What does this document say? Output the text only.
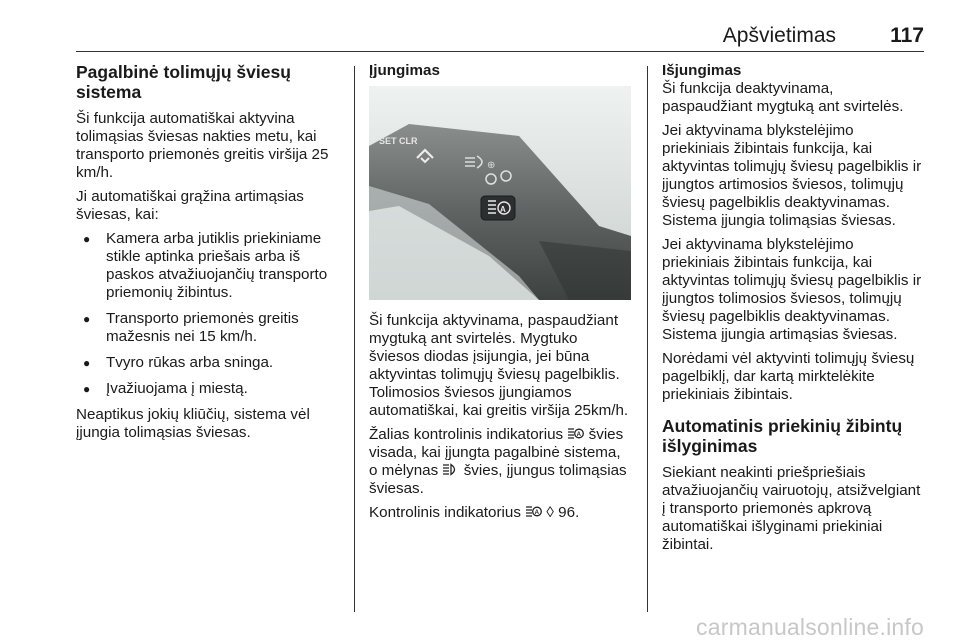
Apšvietimas	117
Pagalbinė tolimųjų šviesų sistema

Ši funkcija automatiškai aktyvina tolimąsias šviesas nakties metu, kai transporto priemonės greitis viršija 25 km/h.

Ji automatiškai grąžina artimąsias šviesas, kai:

● Kamera arba jutiklis priekiniame stikle aptinka priešais arba iš paskos atvažiuojančių transporto priemonių žibintus.
● Transporto priemonės greitis mažesnis nei 15 km/h.
● Tvyro rūkas arba sninga.
● Įvažiuojama į miestą.

Neaptikus jokių kliūčių, sistema vėl įjungia tolimąsias šviesas.

Įjungimas
SET CLR
⊕
A

Ši funkcija aktyvinama, paspaudžiant mygtuką ant svirtelės. Mygtuko šviesos diodas įsijungia, jei būna aktyvintas tolimųjų šviesų pagelbiklis. Tolimosios šviesos įjungiamos automatiškai, kai greitis viršija 25km/h.

Žalias kontrolinis indikatorius A švies visada, kai įjungta pagalbinė sistema, o mėlynas švies, įjungus tolimąsias šviesas.

Kontrolinis indikatorius A ◊ 96.

Išjungimas

Ši funkcija deaktyvinama, paspaudžiant mygtuką ant svirtelės.

Jei aktyvinama blykstelėjimo priekiniais žibintais funkcija, kai aktyvintas tolimųjų šviesų pagelbiklis ir įjungtos artimosios šviesos, tolimųjų šviesų pagelbiklis deaktyvinamas. Sistema įjungia tolimąsias šviesas.

Jei aktyvinama blykstelėjimo priekiniais žibintais funkcija, kai aktyvintas tolimųjų šviesų pagelbiklis ir įjungtos tolimosios šviesos, tolimųjų šviesų pagelbiklis deaktyvinamas. Sistema įjungia artimąsias šviesas.

Norėdami vėl aktyvinti tolimųjų šviesų pagelbiklį, dar kartą mirktelėkite priekiniais žibintais.

Automatinis priekinių žibintų išlyginimas

Siekiant neakinti priešpriešiais atvažiuojančių vairuotojų, atsižvelgiant į transporto priemonės apkrovą automatiškai išlyginami priekiniai žibintai.

carmanualsonline.info
